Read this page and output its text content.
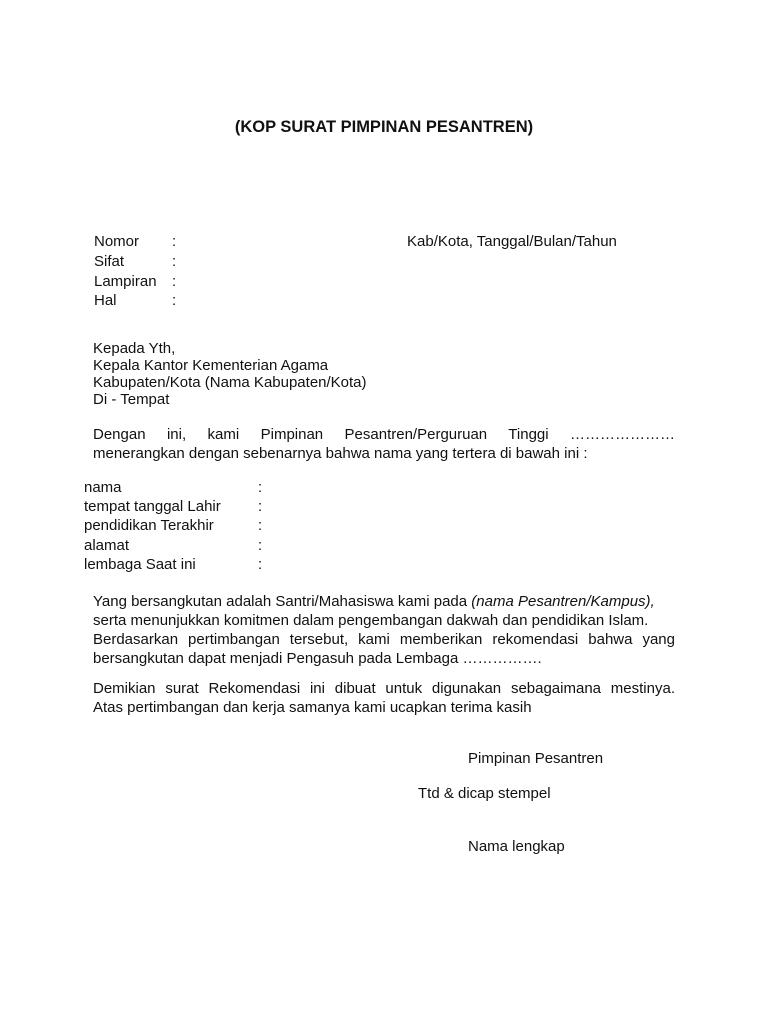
(KOP SURAT PIMPINAN PESANTREN)
Kab/Kota, Tanggal/Bulan/Tahun
Nomor :
Sifat	:
Lampiran :
Hal	:
Kepada Yth,
Kepala Kantor Kementerian Agama
Kabupaten/Kota (Nama Kabupaten/Kota)
Di - Tempat

Dengan ini, kami Pimpinan Pesantren/Perguruan Tinggi …………………

menerangkan dengan sebenarnya bahwa nama yang tertera di bawah ini :

nama	:
tempat tanggal Lahir :
pendidikan Terakhir	:
alamat	:
lembaga Saat ini	:

Yang bersangkutan adalah Santri/Mahasiswa kami pada (nama Pesantren/Kampus),

serta menunjukkan komitmen dalam pengembangan dakwah dan pendidikan Islam.

Berdasarkan pertimbangan tersebut, kami memberikan rekomendasi bahwa yang

bersangkutan dapat menjadi Pengasuh pada Lembaga …………….

Demikian surat Rekomendasi ini dibuat untuk digunakan sebagaimana mestinya.

Atas pertimbangan dan kerja samanya kami ucapkan terima kasih

Pimpinan Pesantren
Ttd & dicap stempel
Nama lengkap
